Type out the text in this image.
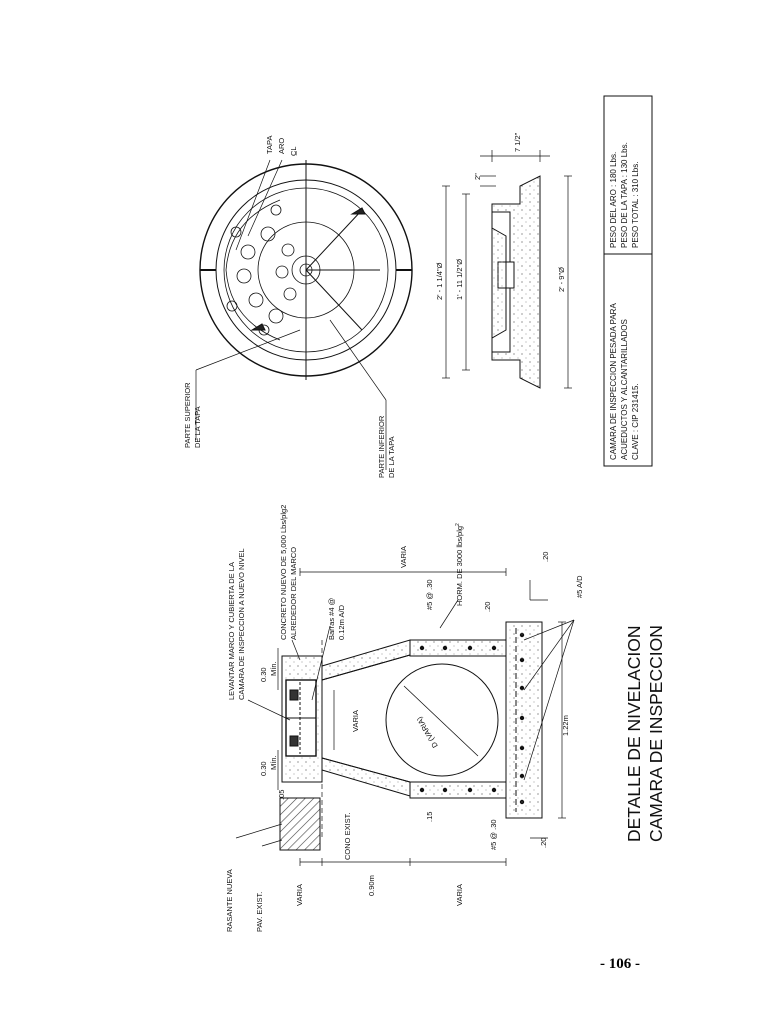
RASANTE NUEVA	PAV. EXIST.	VARIA	0.90m	VARIA
CONO EXIST.
.05
0.30 Mín.
0.30 Mín.
VARIA	D (VARIA)
.15
#5 @ .30
#5 @ .30	HORM. DE 3000 lbs/plg$^2$
.20
.20
.20
1.22m
#5 A/D
VARIA
LEVANTAR MARCO Y CUBIERTA DE LA CAMARA DE INSPECCION A NUEVO NIVEL	CONCRETO NUEVO DE 5,000 Lbs/plg2 ALREDEDOR DEL MARCO	Barras #4 @ 0.12m A/D
DETALLE DE NIVELACION CAMARA DE INSPECCION
TAPA ARO C̲L
PARTE SUPERIOR DE LA TAPA	PARTE INFERIOR DE LA TAPA
2' - 1 1/4"Ø 1' - 11 1/2"Ø	2' - 9"Ø
7 1/2"
2"
CAMARA DE INSPECCION PESADA PARA ACUEDUCTOS Y ALCANTARILLADOS CLAVE : CIP 231415.
PESO DEL ARO : 180 Lbs. PESO DE LA TAPA : 130 Lbs. PESO TOTAL : 310 Lbs.
- 106 -
